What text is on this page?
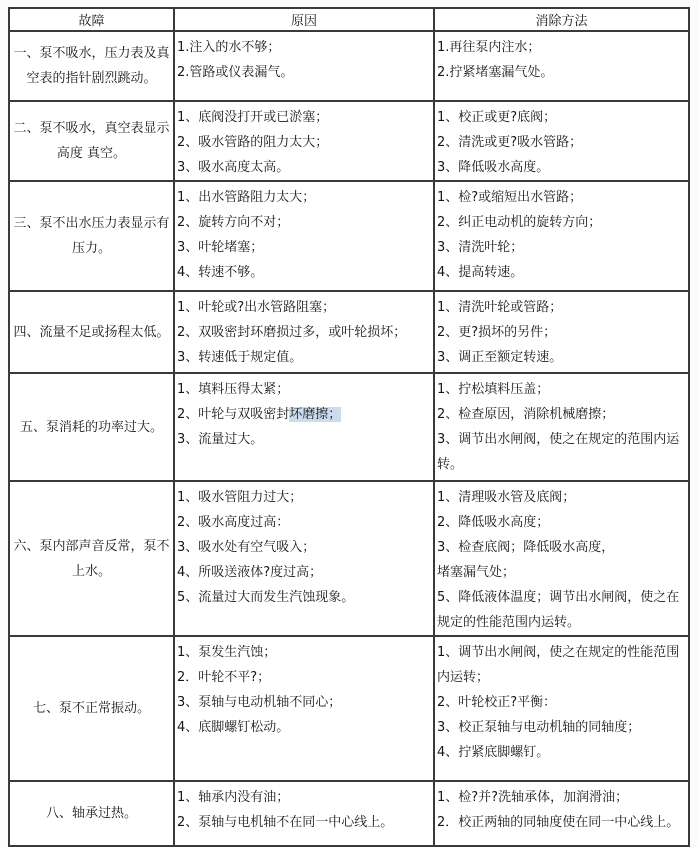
故障	原因	消除方法

一、泵不吸水，压力表及真
空表的指针剧烈跳动。

1.注入的水不够；
2.管路或仪表漏气。

1.再往泵内注水；
2.拧紧堵塞漏气处。

二、泵不吸水，真空表显示
高度 真空。

1、底阀没打开或已淤塞；
2、吸水管路的阻力太大；
3、吸水高度太高。

1、校正或更?底阀；
2、清洗或更?吸水管路；
3、降低吸水高度。

三、泵不出水压力表显示有
压力。

1、出水管路阻力太大；
2、旋转方向不对；
3、叶轮堵塞；
4、转速不够。

1、检?或缩短出水管路；
2、纠正电动机的旋转方向；
3、清洗叶轮；
4、提高转速。

四、流量不足或扬程太低。

1、叶轮或?出水管路阻塞；
2、双吸密封环磨损过多，或叶轮损坏；
3、转速低于规定值。

1、清洗叶轮或管路；
2、更?损坏的另件；
3、调正至额定转速。

五、泵消耗的功率过大。

1、填料压得太紧；
2、叶轮与双吸密封坏磨擦；
3、流量过大。

1、拧松填料压盖；
2、检查原因，消除机械磨擦；
3、调节出水闸阀，使之在规定的范围内运
转。

六、泵内部声音反常，泵不
上水。

1、吸水管阻力过大；
2、吸水高度过高：
3、吸水处有空气吸入；
4、所吸送液体?度过高；
5、流量过大而发生汽蚀现象。

1、清理吸水管及底阀；
2、降低吸水高度；
3、检查底阀；降低吸水高度，
堵塞漏气处；
5、降低液体温度；调节出水闸阀，使之在
规定的性能范围内运转。

七、泵不正常振动。

1、泵发生汽蚀；
2．叶轮不平?；
3、泵轴与电动机轴不同心；
4、底脚螺钉松动。

1、调节出水闸阀，使之在规定的性能范围
内运转；
2、叶轮校正?平衡：
3、校正泵轴与电动机轴的同轴度；
4、拧紧底脚螺钉。

八、轴承过热。

1、轴承内没有油；
2、泵轴与电机轴不在同一中心线上。

1、检?并?洗轴承体，加润滑油；
2．校正两轴的同轴度使在同一中心线上。
